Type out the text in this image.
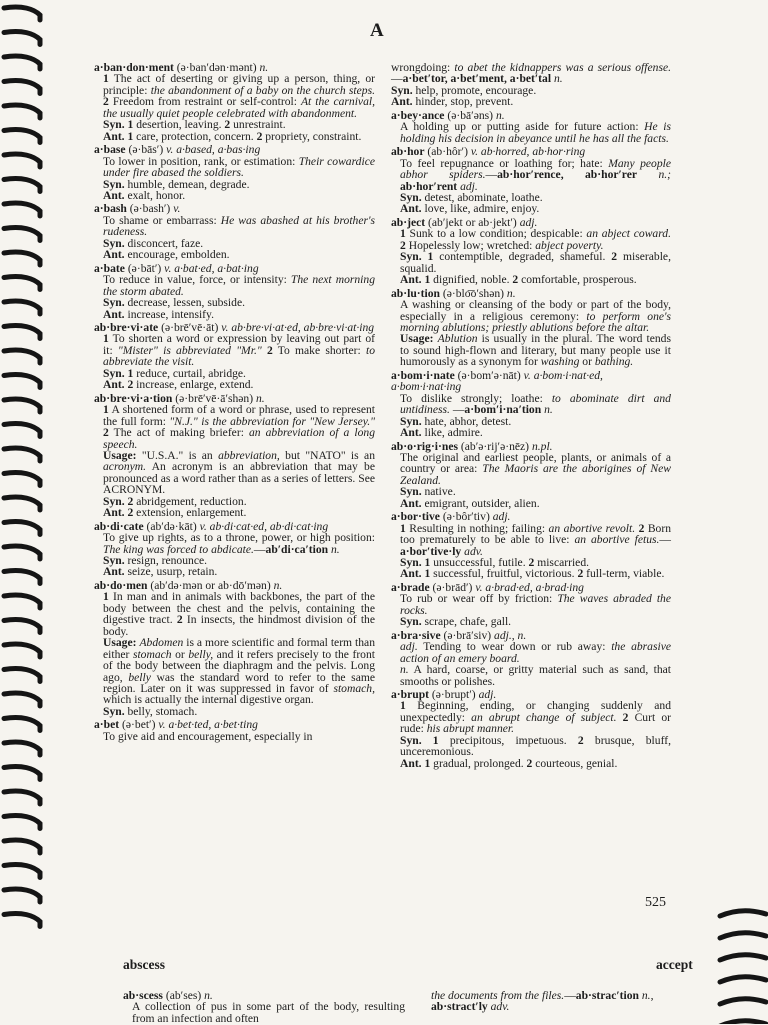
A
a·ban·don·ment (ə·ban′dən·mənt) n.
1 The act of deserting or giving up a person, thing, or principle: the abandonment of a baby on the church steps. 2 Freedom from restraint or self-control: At the carnival, the usually quiet people celebrated with abandonment.
Syn. 1 desertion, leaving. 2 unrestraint.
Ant. 1 care, protection, concern. 2 propriety, constraint.
a·base (ə·bās′) v. a·based, a·bas·ing
To lower in position, rank, or estimation: Their cowardice under fire abased the soldiers.
Syn. humble, demean, degrade.
Ant. exalt, honor.
a·bash (ə·bash′) v.
To shame or embarrass: He was abashed at his brother's rudeness.
Syn. disconcert, faze.
Ant. encourage, embolden.
a·bate (ə·bāt′) v. a·bat·ed, a·bat·ing
To reduce in value, force, or intensity: The next morning the storm abated.
Syn. decrease, lessen, subside.
Ant. increase, intensify.
ab·bre·vi·ate (ə·brē′vē·āt) v. ab·bre·vi·at·ed, ab·bre·vi·at·ing
1 To shorten a word or expression by leaving out part of it: "Mister" is abbreviated "Mr." 2 To make shorter: to abbreviate the visit.
Syn. 1 reduce, curtail, abridge.
Ant. 2 increase, enlarge, extend.
ab·bre·vi·a·tion (ə·brē′vē·ā′shən) n.
1 A shortened form of a word or phrase, used to represent the full form: "N.J." is the abbreviation for "New Jersey." 2 The act of making briefer: an abbreviation of a long speech.
Usage: "U.S.A." is an abbreviation, but "NATO" is an acronym. An acronym is an abbreviation that may be pronounced as a word rather than as a series of letters. See ACRONYM.
Syn. 2 abridgement, reduction.
Ant. 2 extension, enlargement.
ab·di·cate (ab′də·kāt) v. ab·di·cat·ed, ab·di·cat·ing
To give up rights, as to a throne, power, or high position: The king was forced to abdicate.—ab′di·ca′tion n.
Syn. resign, renounce.
Ant. seize, usurp, retain.
ab·do·men (ab′də·mən or ab·dō′mən) n.
1 In man and in animals with backbones, the part of the body between the chest and the pelvis, containing the digestive tract. 2 In insects, the hindmost division of the body.
Usage: Abdomen is a more scientific and formal term than either stomach or belly, and it refers precisely to the front of the body between the diaphragm and the pelvis. Long ago, belly was the standard word to refer to the same region. Later on it was suppressed in favor of stomach, which is actually the internal digestive organ.
Syn. belly, stomach.
a·bet (ə·bet′) v. a·bet·ted, a·bet·ting
To give aid and encouragement, especially in
wrongdoing: to abet the kidnappers was a serious offense.—a·bet′tor, a·bet′ment, a·bet′tal n.
Syn. help, promote, encourage.
Ant. hinder, stop, prevent.
a·bey·ance (ə·bā′əns) n.
A holding up or putting aside for future action: He is holding his decision in abeyance until he has all the facts.
ab·hor (ab·hôr′) v. ab·horred, ab·hor·ring
To feel repugnance or loathing for; hate: Many people abhor spiders.—ab·hor′rence, ab·hor′rer n.; ab·hor′rent adj.
Syn. detest, abominate, loathe.
Ant. love, like, admire, enjoy.
ab·ject (ab′jekt or ab·jekt′) adj.
1 Sunk to a low condition; despicable: an abject coward. 2 Hopelessly low; wretched: abject poverty.
Syn. 1 contemptible, degraded, shameful. 2 miserable, squalid.
Ant. 1 dignified, noble. 2 comfortable, prosperous.
ab·lu·tion (ə·blo͞o′shən) n.
A washing or cleansing of the body or part of the body, especially in a religious ceremony: to perform one's morning ablutions; priestly ablutions before the altar.
Usage: Ablution is usually in the plural. The word tends to sound high-flown and literary, but many people use it humorously as a synonym for washing or bathing.
a·bom·i·nate (ə·bom′ə·nāt) v. a·bom·i·nat·ed, a·bom·i·nat·ing
To dislike strongly; loathe: to abominate dirt and untidiness. —a·bom′i·na′tion n.
Syn. hate, abhor, detest.
Ant. like, admire.
ab·o·rig·i·nes (ab′ə·rij′ə·nēz) n.pl.
The original and earliest people, plants, or animals of a country or area: The Maoris are the aborigines of New Zealand.
Syn. native.
Ant. emigrant, outsider, alien.
a·bor·tive (ə·bôr′tiv) adj.
1 Resulting in nothing; failing: an abortive revolt. 2 Born too prematurely to be able to live: an abortive fetus.—a·bor′tive·ly adv.
Syn. 1 unsuccessful, futile. 2 miscarried.
Ant. 1 successful, fruitful, victorious. 2 full-term, viable.
a·brade (ə·brād′) v. a·brad·ed, a·brad·ing
To rub or wear off by friction: The waves abraded the rocks.
Syn. scrape, chafe, gall.
a·bra·sive (ə·brā′siv) adj., n.
adj. Tending to wear down or rub away: the abrasive action of an emery board.
n. A hard, coarse, or gritty material such as sand, that smooths or polishes.
a·brupt (ə·brupt′) adj.
1 Beginning, ending, or changing suddenly and unexpectedly: an abrupt change of subject. 2 Curt or rude: his abrupt manner.
Syn. 1 precipitous, impetuous. 2 brusque, bluff, unceremonious.
Ant. 1 gradual, prolonged. 2 courteous, genial.
525
abscess	accept
ab·scess (ab′ses) n.
A collection of pus in some part of the body, resulting from an infection and often
the documents from the files.—ab·strac′tion n., ab·stract′ly adv.
